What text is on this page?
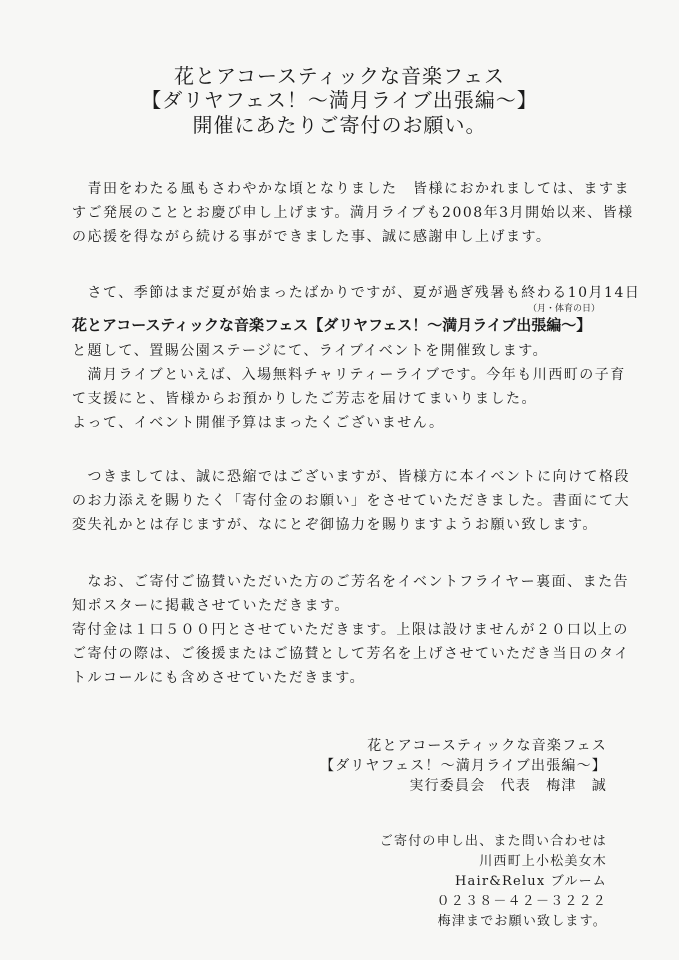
花とアコースティックな音楽フェス
【ダリヤフェス！～満月ライブ出張編～】
開催にあたりご寄付のお願い。
　青田をわたる風もさわやかな頃となりました　皆様におかれましては、ますま
すご発展のこととお慶び申し上げます。満月ライブも2008年3月開始以来、皆様
の応援を得ながら続ける事ができました事、誠に感謝申し上げます。
　さて、季節はまだ夏が始まったばかりですが、夏が過ぎ残暑も終わる10月14日
（月・体育の日）
花とアコースティックな音楽フェス【ダリヤフェス！～満月ライブ出張編～】
と題して、置賜公園ステージにて、ライブイベントを開催致します。
　満月ライブといえば、入場無料チャリティーライブです。今年も川西町の子育
て支援にと、皆様からお預かりしたご芳志を届けてまいりました。
よって、イベント開催予算はまったくございません。
　つきましては、誠に恐縮ではございますが、皆様方に本イベントに向けて格段
のお力添えを賜りたく「寄付金のお願い」をさせていただきました。書面にて大
変失礼かとは存じますが、なにとぞ御協力を賜りますようお願い致します。
　なお、ご寄付ご協賛いただいた方のご芳名をイベントフライヤー裏面、また告
知ポスターに掲載させていただきます。
寄付金は１口５００円とさせていただきます。上限は設けませんが２０口以上の
ご寄付の際は、ご後援またはご協賛として芳名を上げさせていただき当日のタイ
トルコールにも含めさせていただきます。
花とアコースティックな音楽フェス
【ダリヤフェス！～満月ライブ出張編～】
実行委員会　代表　梅津　誠
ご寄付の申し出、また問い合わせは
川西町上小松美女木
Hair&Relux ブルーム
０２３８－４２－３２２２
梅津までお願い致します。
